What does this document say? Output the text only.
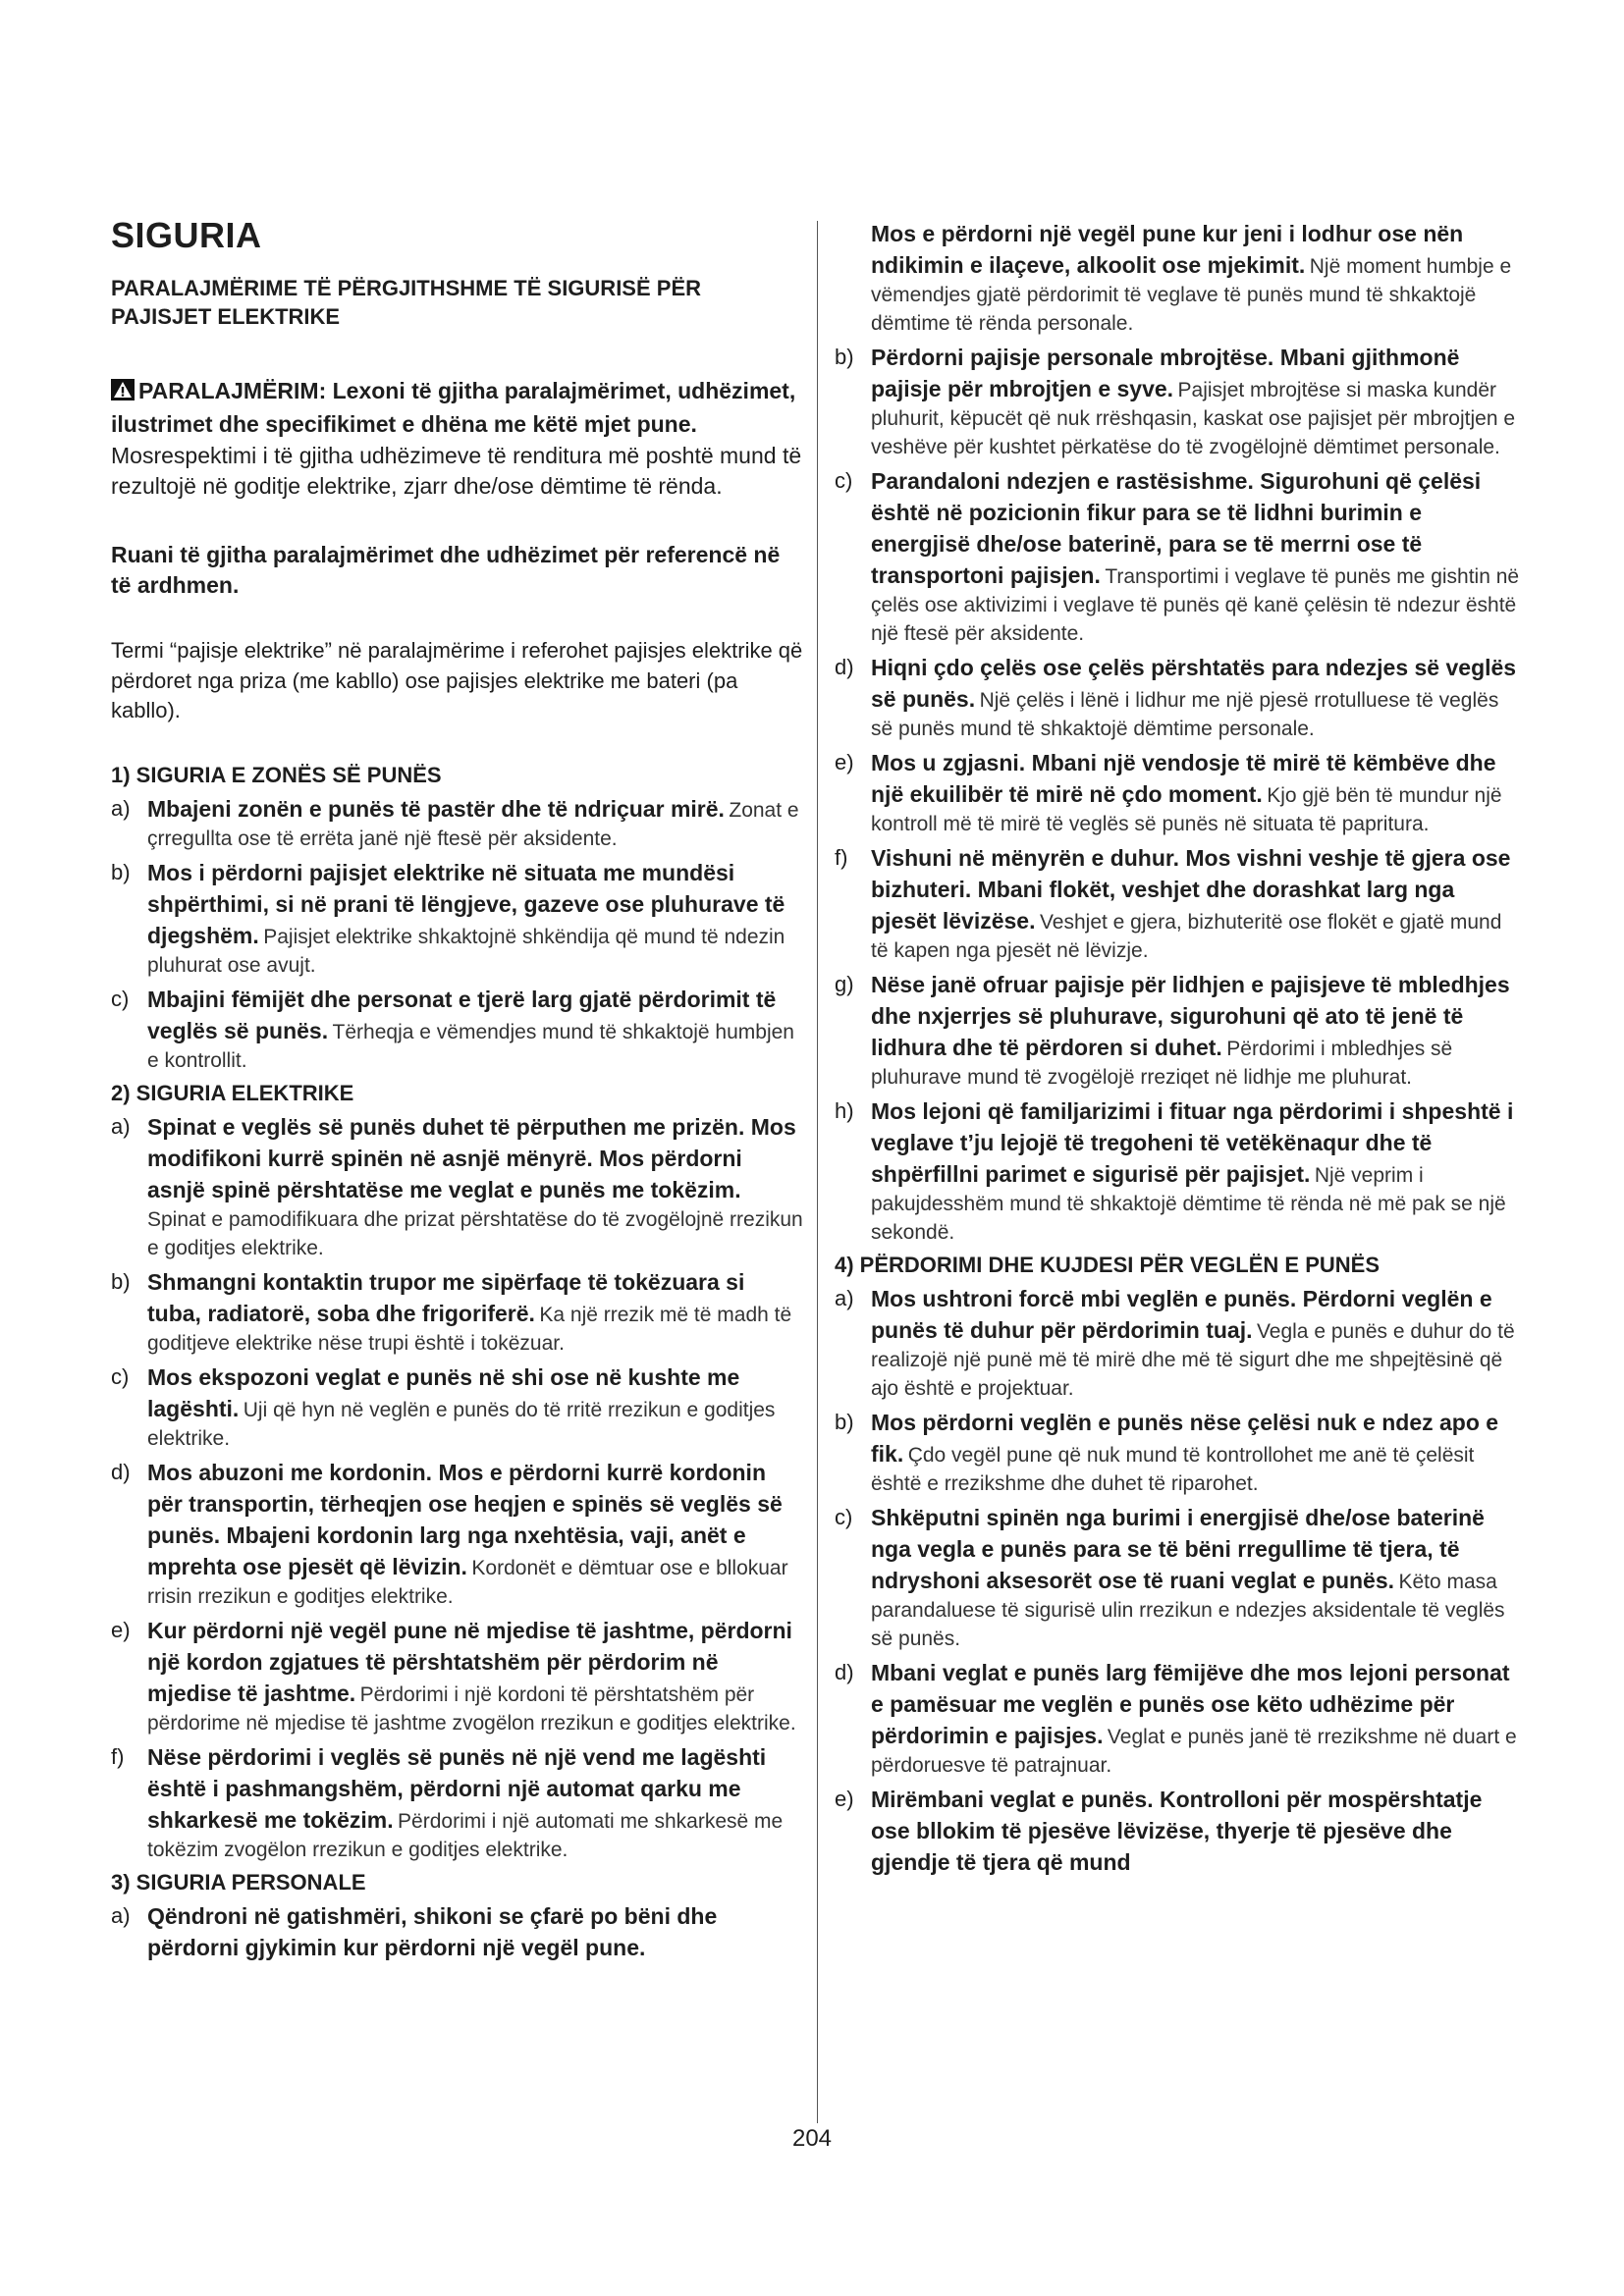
SIGURIA
PARALAJMËRIME TË PËRGJITHSHME TË SIGURISË PËR PAJISJET ELEKTRIKE
PARALAJMËRIM: Lexoni të gjitha paralajmërimet, udhëzimet, ilustrimet dhe specifikimet e dhëna me këtë mjet pune. Mosrespektimi i të gjitha udhëzimeve të renditura më poshtë mund të rezultojë në goditje elektrike, zjarr dhe/ose dëmtime të rënda.

Ruani të gjitha paralajmërimet dhe udhëzimet për referencë në të ardhmen.

Termi “pajisje elektrike” në paralajmërime i referohet pajisjes elektrike që përdoret nga priza (me kabllo) ose pajisjes elektrike me bateri (pa kabllo).

1) SIGURIA E ZONËS SË PUNËS
a) Mbajeni zonën e punës të pastër dhe të ndriçuar mirë. Zonat e çrregullta ose të errëta janë një ftesë për aksidente.
b) Mos i përdorni pajisjet elektrike në situata me mundësi shpërthimi, si në prani të lëngjeve, gazeve ose pluhurave të djegshëm. Pajisjet elektrike shkaktojnë shkëndija që mund të ndezin pluhurat ose avujt.
c) Mbajini fëmijët dhe personat e tjerë larg gjatë përdorimit të veglës së punës. Tërheqja e vëmendjes mund të shkaktojë humbjen e kontrollit.
2) SIGURIA ELEKTRIKE
a) Spinat e veglës së punës duhet të përputhen me prizën. Mos modifikoni kurrë spinën në asnjë mënyrë. Mos përdorni asnjë spinë përshtatëse me veglat e punës me tokëzim. Spinat e pamodifikuara dhe prizat përshtatëse do të zvogëlojnë rrezikun e goditjes elektrike.
b) Shmangni kontaktin trupor me sipërfaqe të tokëzuara si tuba, radiatorë, soba dhe frigoriferë. Ka një rrezik më të madh të goditjeve elektrike nëse trupi është i tokëzuar.
c) Mos ekspozoni veglat e punës në shi ose në kushte me lagështi. Uji që hyn në veglën e punës do të rritë rrezikun e goditjes elektrike.
d) Mos abuzoni me kordonin. Mos e përdorni kurrë kordonin për transportin, tërheqjen ose heqjen e spinës së veglës së punës. Mbajeni kordonin larg nga nxehtësia, vaji, anët e mprehta ose pjesët që lëvizin. Kordonët e dëmtuar ose e bllokuar rrisin rrezikun e goditjes elektrike.
e) Kur përdorni një vegël pune në mjedise të jashtme, përdorni një kordon zgjatues të përshtatshëm për përdorim në mjedise të jashtme. Përdorimi i një kordoni të përshtatshëm për përdorime në mjedise të jashtme zvogëlon rrezikun e goditjes elektrike.
f) Nëse përdorimi i veglës së punës në një vend me lagështi është i pashmangshëm, përdorni një automat qarku me shkarkesë me tokëzim. Përdorimi i një automati me shkarkesë me tokëzim zvogëlon rrezikun e goditjes elektrike.
3) SIGURIA PERSONALE
a) Qëndroni në gatishmëri, shikoni se çfarë po bëni dhe përdorni gjykimin kur përdorni një vegël pune.
Mos e përdorni një vegël pune kur jeni i lodhur ose nën ndikimin e ilaçeve, alkoolit ose mjekimit. Një moment humbje e vëmendjes gjatë përdorimit të veglave të punës mund të shkaktojë dëmtime të rënda personale.
b) Përdorni pajisje personale mbrojtëse. Mbani gjithmonë pajisje për mbrojtjen e syve. Pajisjet mbrojtëse si maska kundër pluhurit, këpucët që nuk rrëshqasin, kaskat ose pajisjet për mbrojtjen e veshëve për kushtet përkatëse do të zvogëlojnë dëmtimet personale.
c) Parandaloni ndezjen e rastësishme. Sigurohuni që çelësi është në pozicionin fikur para se të lidhni burimin e energjisë dhe/ose baterinë, para se të merrni ose të transportoni pajisjen. Transportimi i veglave të punës me gishtin në çelës ose aktivizimi i veglave të punës që kanë çelësin të ndezur është një ftesë për aksidente.
d) Hiqni çdo çelës ose çelës përshtatës para ndezjes së veglës së punës. Një çelës i lënë i lidhur me një pjesë rrotulluese të veglës së punës mund të shkaktojë dëmtime personale.
e) Mos u zgjasni. Mbani një vendosje të mirë të këmbëve dhe një ekuilibër të mirë në çdo moment. Kjo gjë bën të mundur një kontroll më të mirë të veglës së punës në situata të papritura.
f) Vishuni në mënyrën e duhur. Mos vishni veshje të gjera ose bizhuteri. Mbani flokët, veshjet dhe dorashkat larg nga pjesët lëvizëse. Veshjet e gjera, bizhuteritë ose flokët e gjatë mund të kapen nga pjesët në lëvizje.
g) Nëse janë ofruar pajisje për lidhjen e pajisjeve të mbledhjes dhe nxjerrjes së pluhurave, sigurohuni që ato të jenë të lidhura dhe të përdoren si duhet. Përdorimi i mbledhjes së pluhurave mund të zvogëlojë rreziqet në lidhje me pluhurat.
h) Mos lejoni që familjarizimi i fituar nga përdorimi i shpeshtë i veglave t’ju lejojë të tregoheni të vetëkënaqur dhe të shpërfillni parimet e sigurisë për pajisjet. Një veprim i pakujdesshëm mund të shkaktojë dëmtime të rënda në më pak se një sekondë.
4) PËRDORIMI DHE KUJDESI PËR VEGLËN E PUNËS
a) Mos ushtroni forcë mbi veglën e punës. Përdorni veglën e punës të duhur për përdorimin tuaj. Vegla e punës e duhur do të realizojë një punë më të mirë dhe më të sigurt dhe me shpejtësinë që ajo është e projektuar.
b) Mos përdorni veglën e punës nëse çelësi nuk e ndez apo e fik. Çdo vegël pune që nuk mund të kontrollohet me anë të çelësit është e rrezikshme dhe duhet të riparohet.
c) Shkëputni spinën nga burimi i energjisë dhe/ose baterinë nga vegla e punës para se të bëni rregullime të tjera, të ndryshoni aksesorët ose të ruani veglat e punës. Këto masa parandaluese të sigurisë ulin rrezikun e ndezjes aksidentale të veglës së punës.
d) Mbani veglat e punës larg fëmijëve dhe mos lejoni personat e pamësuar me veglën e punës ose këto udhëzime për përdorimin e pajisjes. Veglat e punës janë të rrezikshme në duart e përdoruesve të patrajnuar.
e) Mirëmbani veglat e punës. Kontrolloni për mospërshtatje ose bllokim të pjesëve lëvizëse, thyerje të pjesëve dhe gjendje të tjera që mund
204
